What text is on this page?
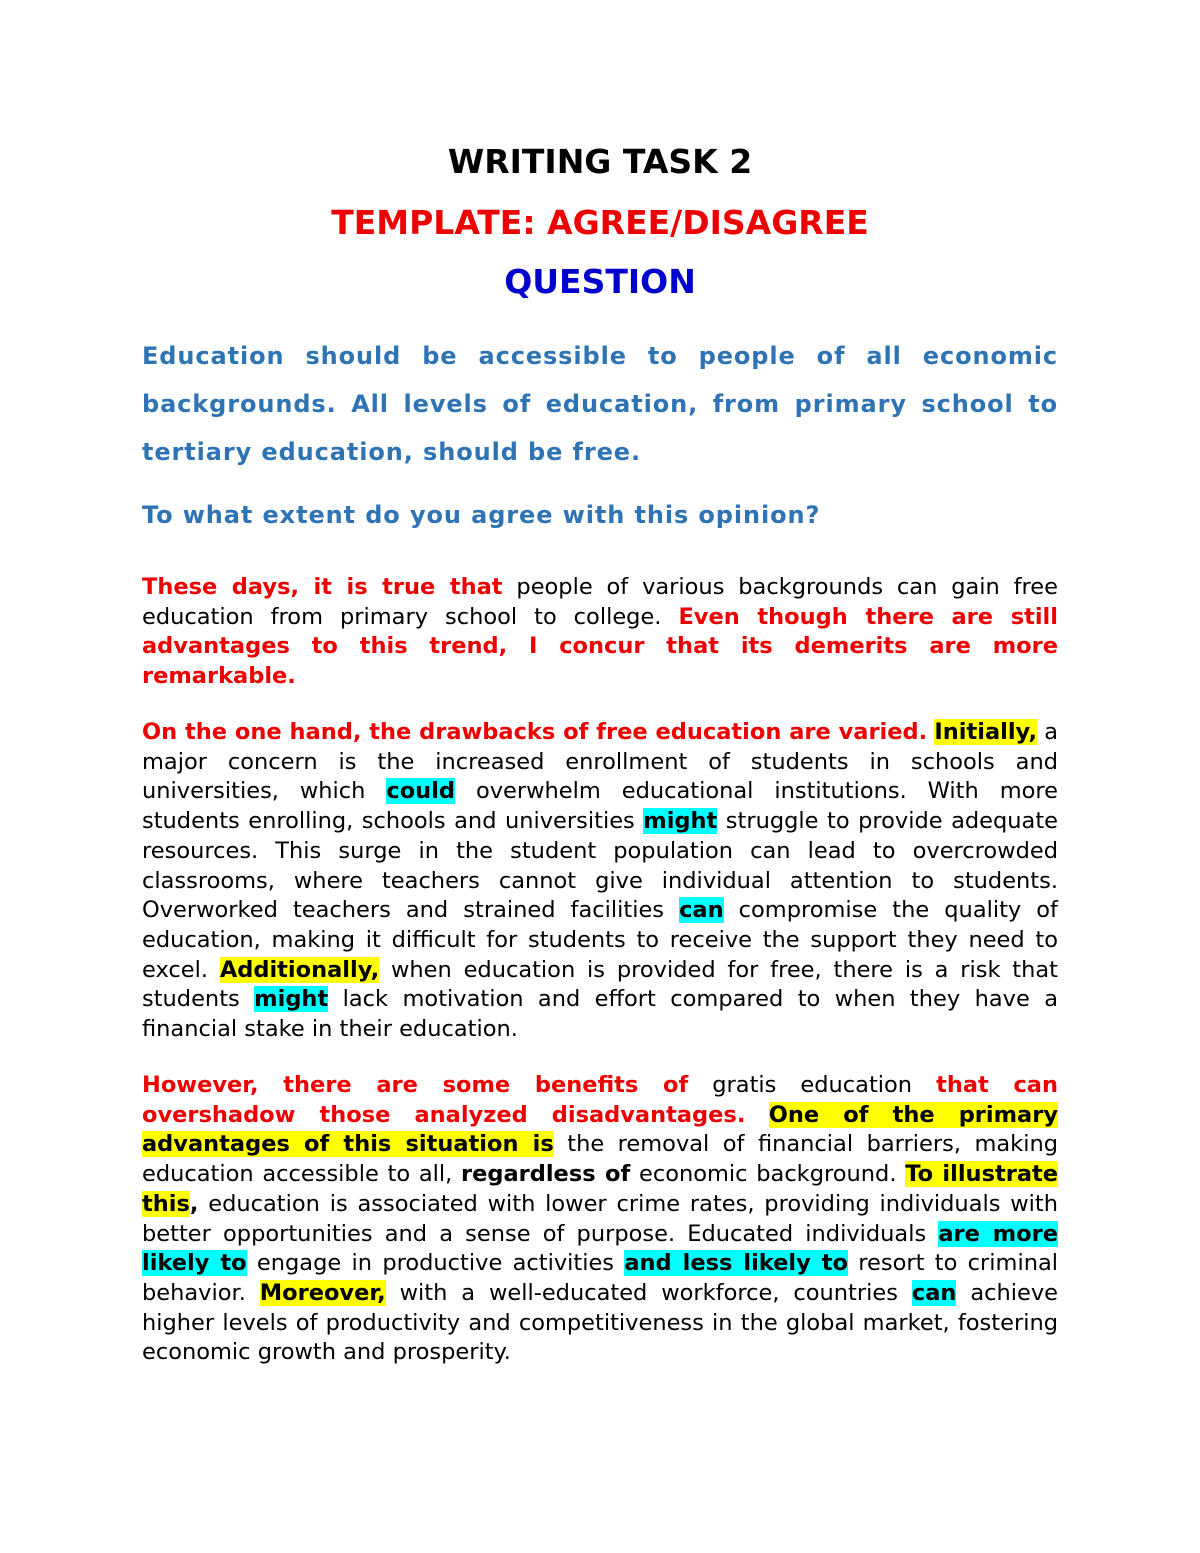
WRITING TASK 2
TEMPLATE: AGREE/DISAGREE
QUESTION
Education should be accessible to people of all economic backgrounds. All levels of education, from primary school to tertiary education, should be free.
To what extent do you agree with this opinion?
These days, it is true that people of various backgrounds can gain free education from primary school to college. Even though there are still advantages to this trend, I concur that its demerits are more remarkable.
On the one hand, the drawbacks of free education are varied. Initially, a major concern is the increased enrollment of students in schools and universities, which could overwhelm educational institutions. With more students enrolling, schools and universities might struggle to provide adequate resources. This surge in the student population can lead to overcrowded classrooms, where teachers cannot give individual attention to students. Overworked teachers and strained facilities can compromise the quality of education, making it difficult for students to receive the support they need to excel. Additionally, when education is provided for free, there is a risk that students might lack motivation and effort compared to when they have a financial stake in their education.
However, there are some benefits of gratis education that can overshadow those analyzed disadvantages. One of the primary advantages of this situation is the removal of financial barriers, making education accessible to all, regardless of economic background. To illustrate this, education is associated with lower crime rates, providing individuals with better opportunities and a sense of purpose. Educated individuals are more likely to engage in productive activities and less likely to resort to criminal behavior. Moreover, with a well-educated workforce, countries can achieve higher levels of productivity and competitiveness in the global market, fostering economic growth and prosperity.
